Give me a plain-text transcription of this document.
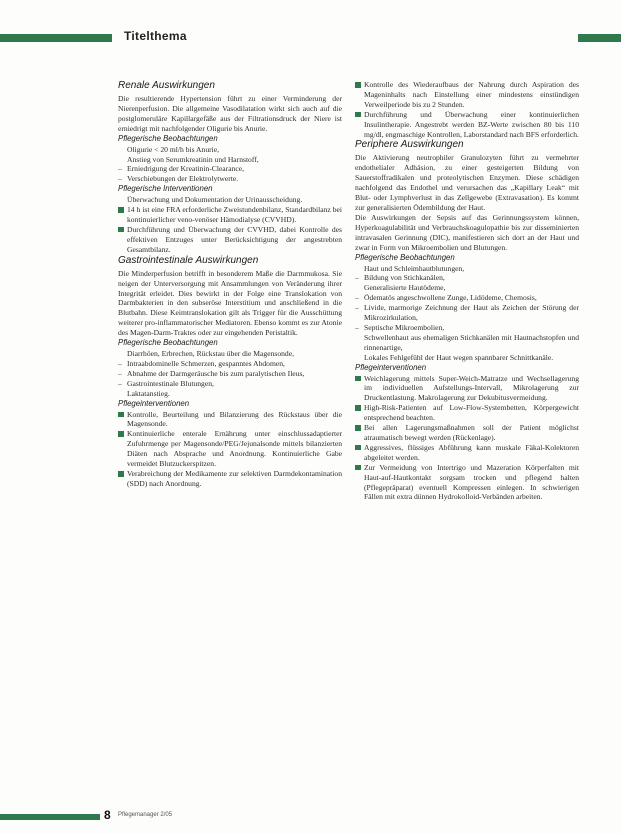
Titelthema
Renale Auswirkungen

Die resultierende Hypertension führt zu einer Verminderung der Nierenperfusion. Die allgemeine Vasodilatation wirkt sich auch auf die postglomeruläre Kapillargefäße aus der Filtrationsdruck der Niere ist erniedrigt mit nachfolgender Oligurie bis Anurie.

Pflegerische Beobachtungen
Oligurie < 20 ml/h bis Anurie,
Anstieg von Serumkreatinin und Harnstoff,
– Erniedrigung der Kreatinin-Clearance,
– Verschiebungen der Elektrolytwerte.
Pflegerische Interventionen
Überwachung und Dokumentation der Urinausscheidung.
14 h ist eine FRA erforderliche Zweistundenbilanz, Standardbilanz bei kontinuierlicher veno-venöser Hämodialyse (CVVHD).
Durchführung und Überwachung der CVVHD, dabei Kontrolle des effektiven Entzuges unter Berücksichtigung der angestrebten Gesamtbilanz.
Gastrointestinale Auswirkungen

Die Minderperfusion betrifft in besonderem Maße die Darmmukosa. Sie neigen der Unterversorgung mit Ansammlungen von Veränderung ihrer Integrität erleidet. Dies bewirkt in der Folge eine Translokation von Darmbakterien in den subseröse Interstitium und anschließend in die Blutbahn. Diese Keimtranslokation gilt als Trigger für die Ausschüttung weiterer pro-inflammatorischer Mediatoren. Ebenso kommt es zur Atonie des Magen-Darm-Traktes oder zur eingehenden Peristaltik.

Pflegerische Beobachtungen
Diarrhöen, Erbrechen, Rückstau über die Magensonde,
– Intraabdominelle Schmerzen, gespanntes Abdomen,
– Abnahme der Darmgeräusche bis zum paralytischen Ileus,
– Gastrointestinale Blutungen,
Laktatanstieg.
Pflegeinterventionen
Kontrolle, Beurteilung und Bilanzierung des Rückstaus über die Magensonde.
Kontinuierliche enterale Ernährung unter einschlussadaptierter Zufuhrmenge per Magensonde/PEG/Jejunalsonde mittels bilanzierten Diäten nach Absprache und Anordnung. Kontinuierliche Gabe vermeidet Blutzuckerspitzen.
Verabreichung der Medikamente zur selektiven Darmdekontamination (SDD) nach Anordnung.
Kontrolle des Wiederaufbaus der Nahrung durch Aspiration des Mageninhalts nach Einstellung einer mindestens einstündigen Verweilperiode bis zu 2 Stunden.
Durchführung und Überwachung einer kontinuierlichen Insulintherapie. Angestrebt werden BZ-Werte zwischen 80 bis 110 mg/dl, engmaschige Kontrollen, Laborstandard nach BFS erforderlich.
Periphere Auswirkungen

Die Aktivierung neutrophiler Granulozyten führt zu vermehrter endothelialer Adhäsion, zu einer gesteigerten Bildung von Sauerstoffradikalen und proteolytischen Enzymen. Diese schädigen nachfolgend das Endothel und verursachen das „Kapillary Leak“ mit Blut- oder Lymphverlust in das Zellgewebe (Extravasation). Es kommt zur generalisierten Ödembildung der Haut.

Die Auswirkungen der Sepsis auf das Gerinnungssystem können, Hyperkoagulabilität und Verbrauchskoagulopathie bis zur disseminierten intravasalen Gerinnung (DIC), manifestieren sich dort an der Haut und zwar in Form von Mikroembolien und Blutungen.

Pflegerische Beobachtungen
Haut und Schleimhautblutungen,
– Bildung von Stichkanälen,
Generalisierte Hautödeme,
– Ödematös angeschwollene Zunge, Lidödeme, Chemosis,
– Livide, marmorige Zeichnung der Haut als Zeichen der Störung der Mikrozirkulation,
– Septische Mikroembolien,
Schwellenhaut aus ehemaligen Stichkanälen mit Hautnachstopfen und rinnenartige,
Lokales Fehlgefühl der Haut wegen spannbarer Schnittkanäle.
Pflegeinterventionen
Weichlagerung mittels Super-Weich-Matratze und Wechsellagerung im individuellen Aufstellungs-Intervall, Mikrolagerung zur Druckentlastung. Makrolagerung zur Dekubitusvermeidung.
High-Risk-Patienten auf Low-Flow-Systembetten, Körpergewicht entsprechend beachten.
Bei allen Lagerungsmaßnahmen soll der Patient möglichst atraumatisch bewegt werden (Rückenlage).
Aggressives, flüssiges Abführung kann muskale Fäkal-Kolektoren abgeleitet werden.
Zur Vermeidung von Intertrigo und Mazeration Körperfalten mit Haut-auf-Hautkontakt sorgsam trocken und pflegend halten (Pflegepräparat) eventuell Kompressen einlegen. In schwierigen Fällen mit extra dünnen Hydrokolloid-Verbänden arbeiten.
8 Pflegemanager 2/05
